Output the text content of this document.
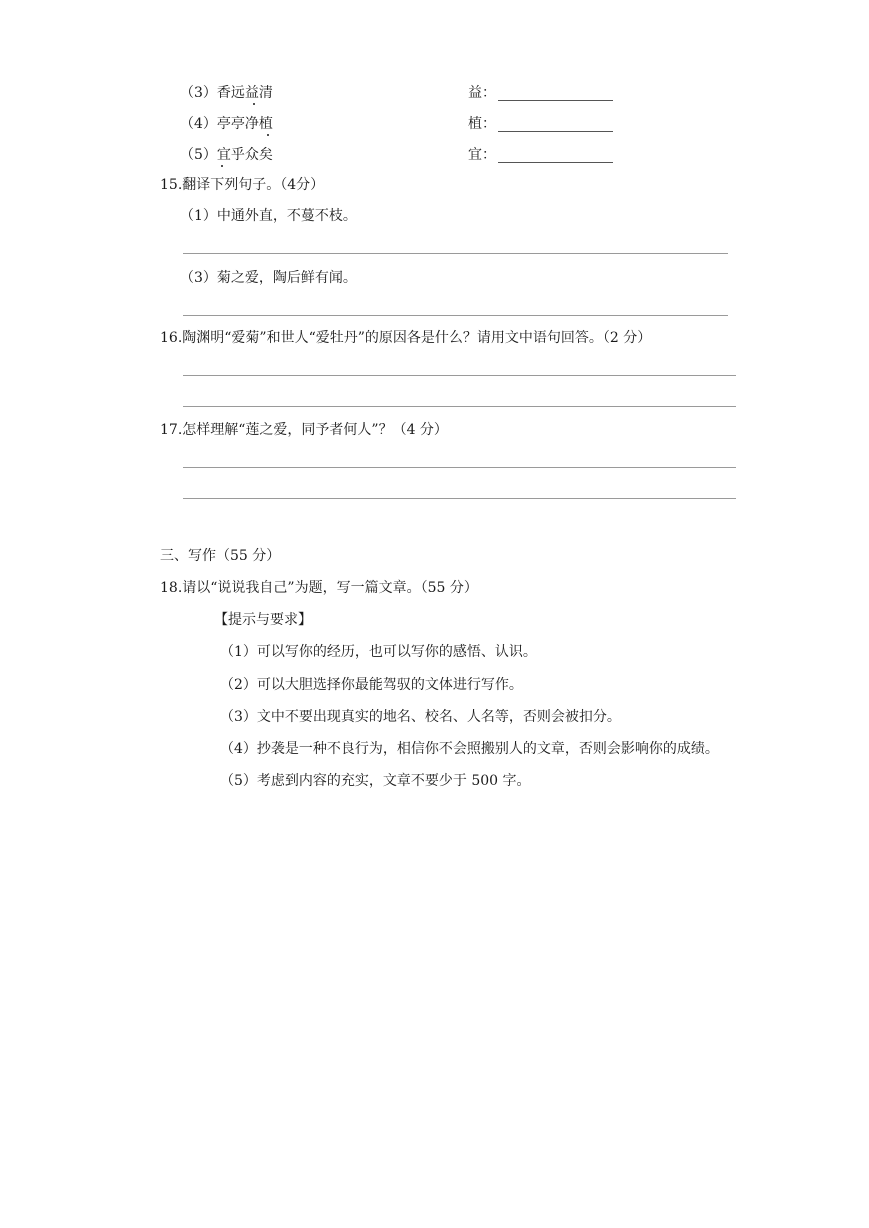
（3）香远益清	益：
（4）亭亭净植	植：
（5）宜乎众矣	宜：
15.翻译下列句子。（4分）
（1）中通外直，不蔓不枝。
（3）菊之爱，陶后鲜有闻。
16.陶渊明“爱菊”和世人“爱牡丹”的原因各是什么？请用文中语句回答。（2 分）
17.怎样理解“莲之爱，同予者何人”？（4 分）
三、写作（55 分）
18.请以“说说我自己”为题，写一篇文章。（55 分）
【提示与要求】
（1）可以写你的经历，也可以写你的感悟、认识。
（2）可以大胆选择你最能驾驭的文体进行写作。
（3）文中不要出现真实的地名、校名、人名等，否则会被扣分。
（4）抄袭是一种不良行为，相信你不会照搬别人的文章，否则会影响你的成绩。
（5）考虑到内容的充实，文章不要少于 500 字。
